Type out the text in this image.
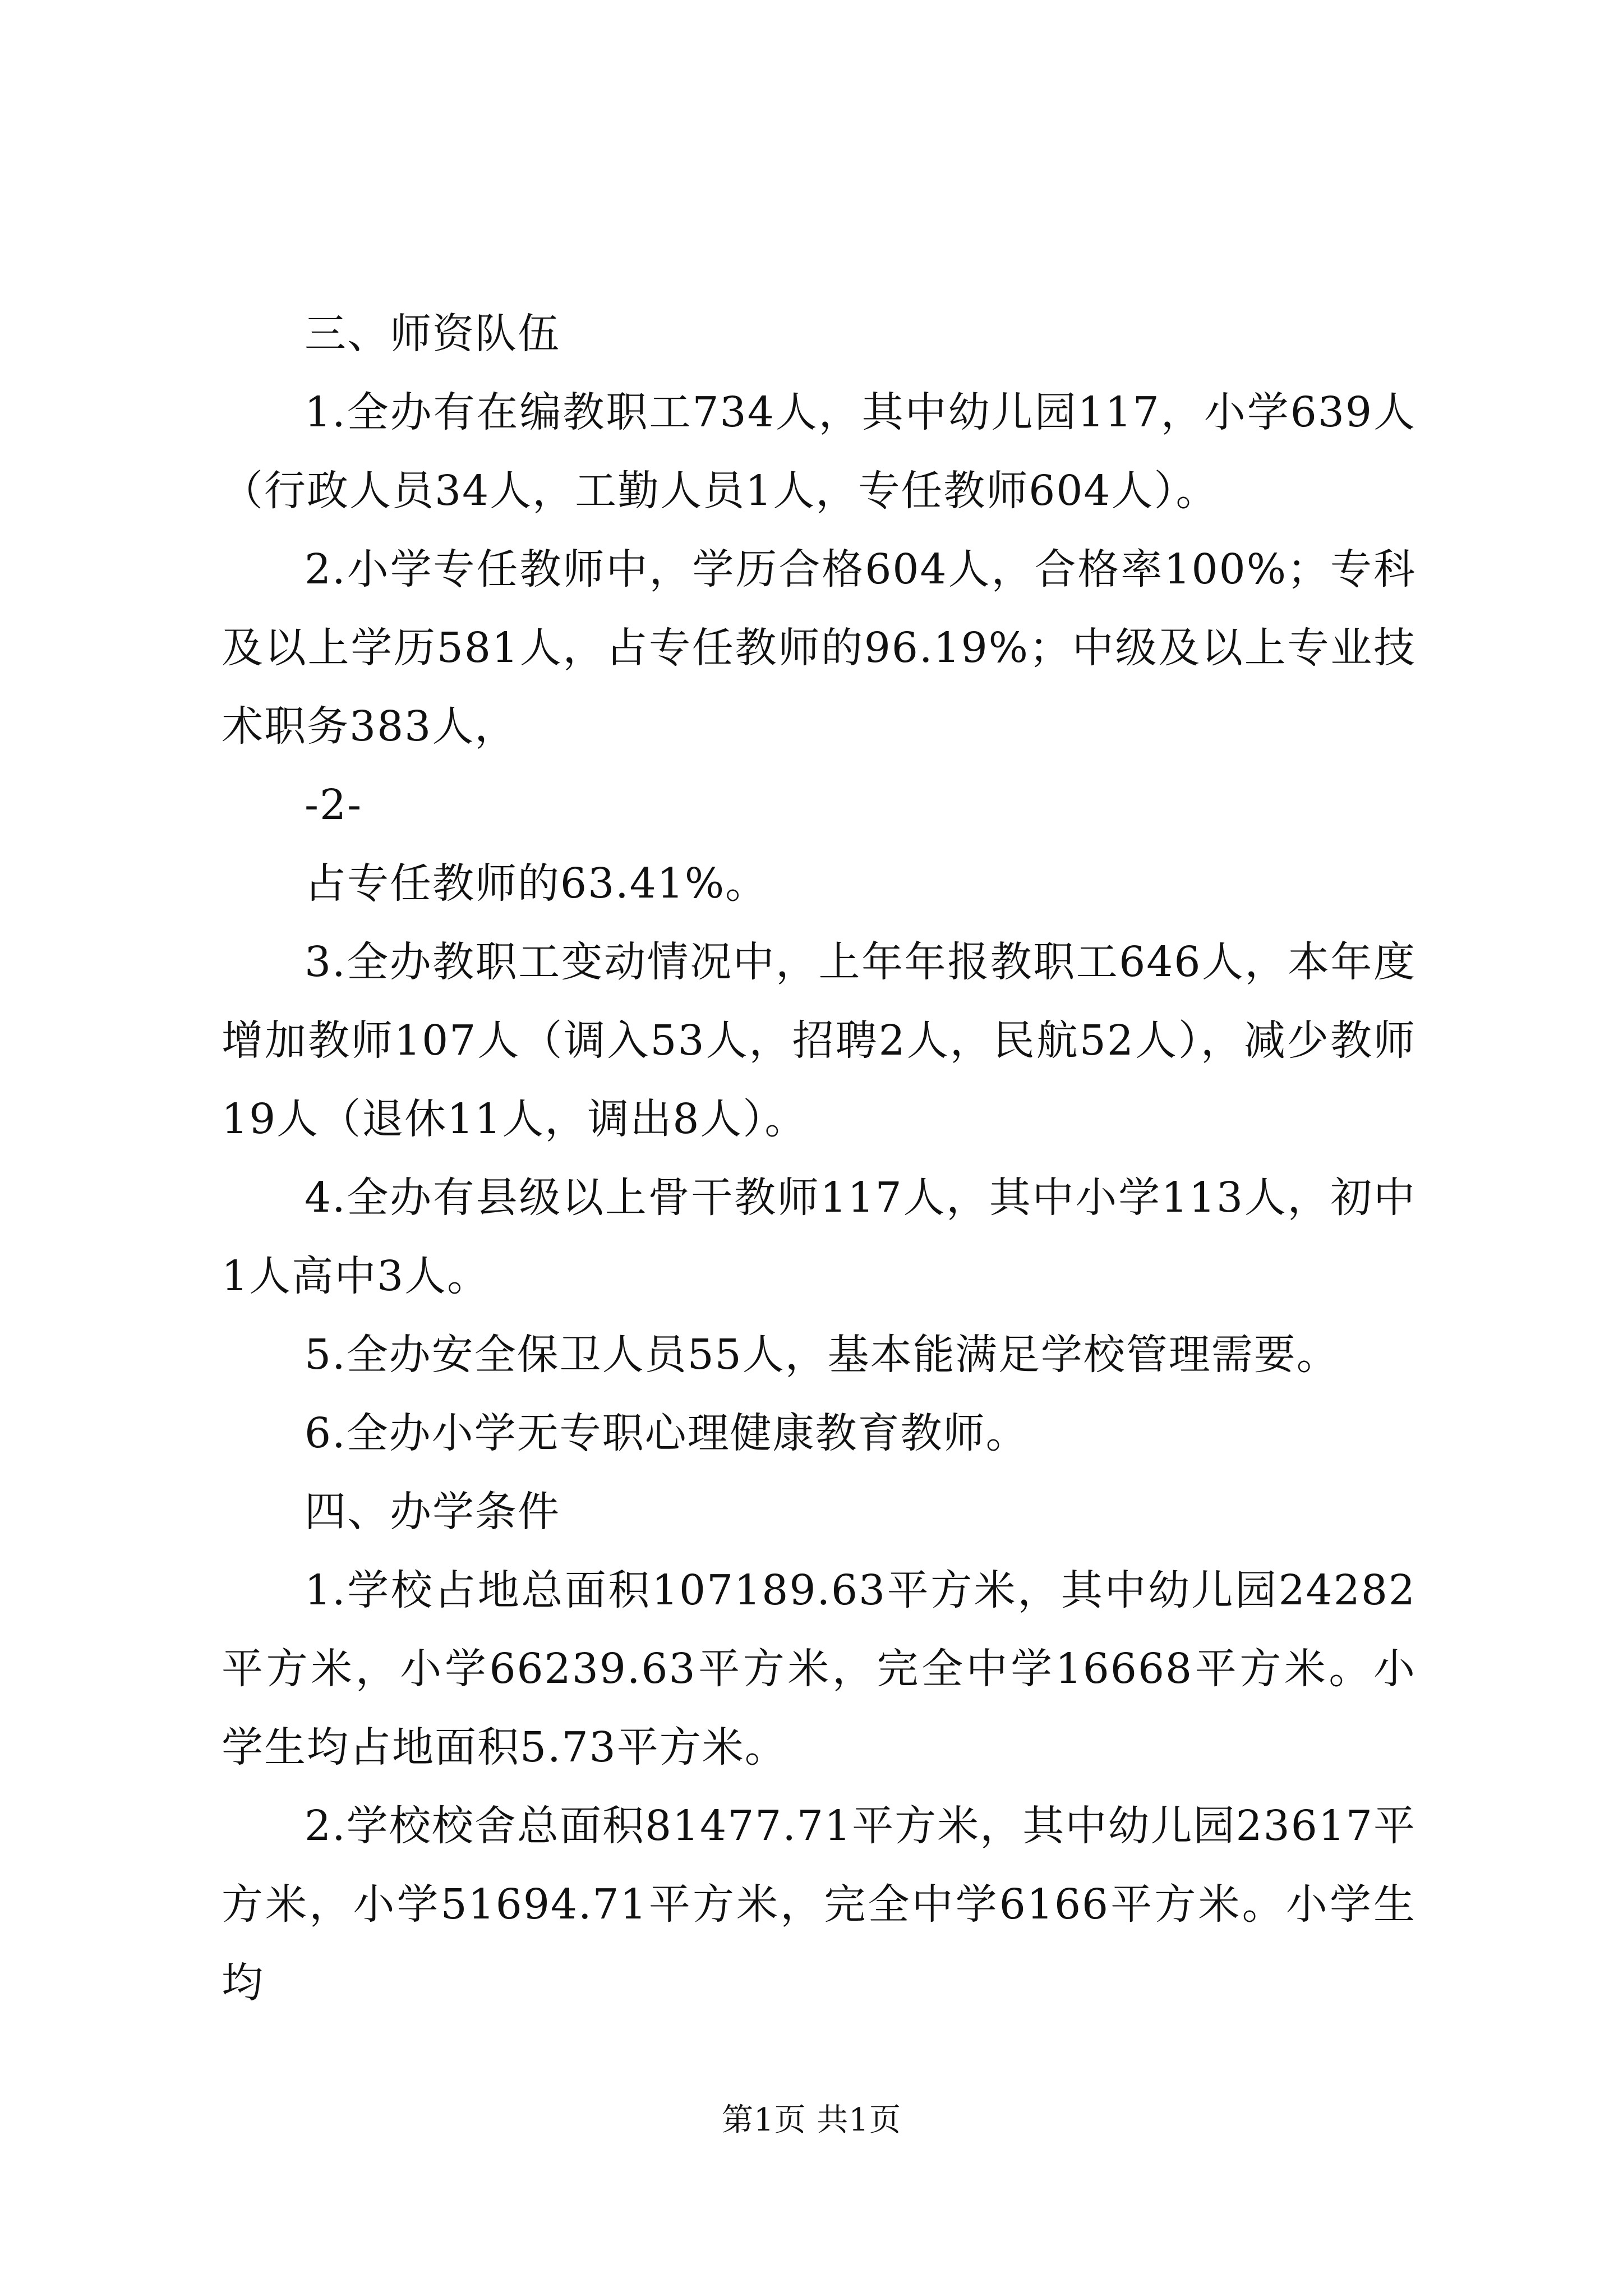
三、师资队伍

1.全办有在编教职工734人，其中幼儿园117，小学639人（行政人员34人，工勤人员1人，专任教师604人）。

2.小学专任教师中，学历合格604人，合格率100%；专科及以上学历581人，占专任教师的96.19%；中级及以上专业技术职务383人，

-2-

占专任教师的63.41%。

3.全办教职工变动情况中，上年年报教职工646人，本年度增加教师107人（调入53人，招聘2人，民航52人），减少教师19人（退休11人，调出8人）。

4.全办有县级以上骨干教师117人，其中小学113人，初中1人高中3人。

5.全办安全保卫人员55人，基本能满足学校管理需要。

6.全办小学无专职心理健康教育教师。

四、办学条件

1.学校占地总面积107189.63平方米，其中幼儿园24282平方米，小学66239.63平方米，完全中学16668平方米。小学生均占地面积5.73平方米。

2.学校校舍总面积81477.71平方米，其中幼儿园23617平方米，小学51694.71平方米，完全中学6166平方米。小学生均

第1页 共1页
